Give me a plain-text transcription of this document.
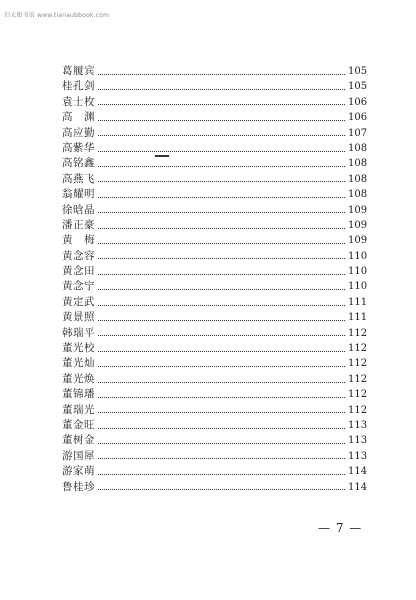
旧太图书馆 www.tianaubbook.com
葛履宾	105
桂孔剑	105
袁士枚	106
高　渊	106
高应勤	107
高紫华	108
高铭鑫	108
高燕飞	108
翁耀明	108
徐晗晶	109
潘正豪	109
黄　梅	109
黄念容	110
黄念田	110
黄念宁	110
黄定武	111
黄景照	111
韩瑞平	112
董光校	112
董光灿	112
董光焕	112
董锦璠	112
董瑞光	112
董金旺	113
董树金	113
游国犀	113
游家萌	114
鲁桂珍	114
— 7 —
